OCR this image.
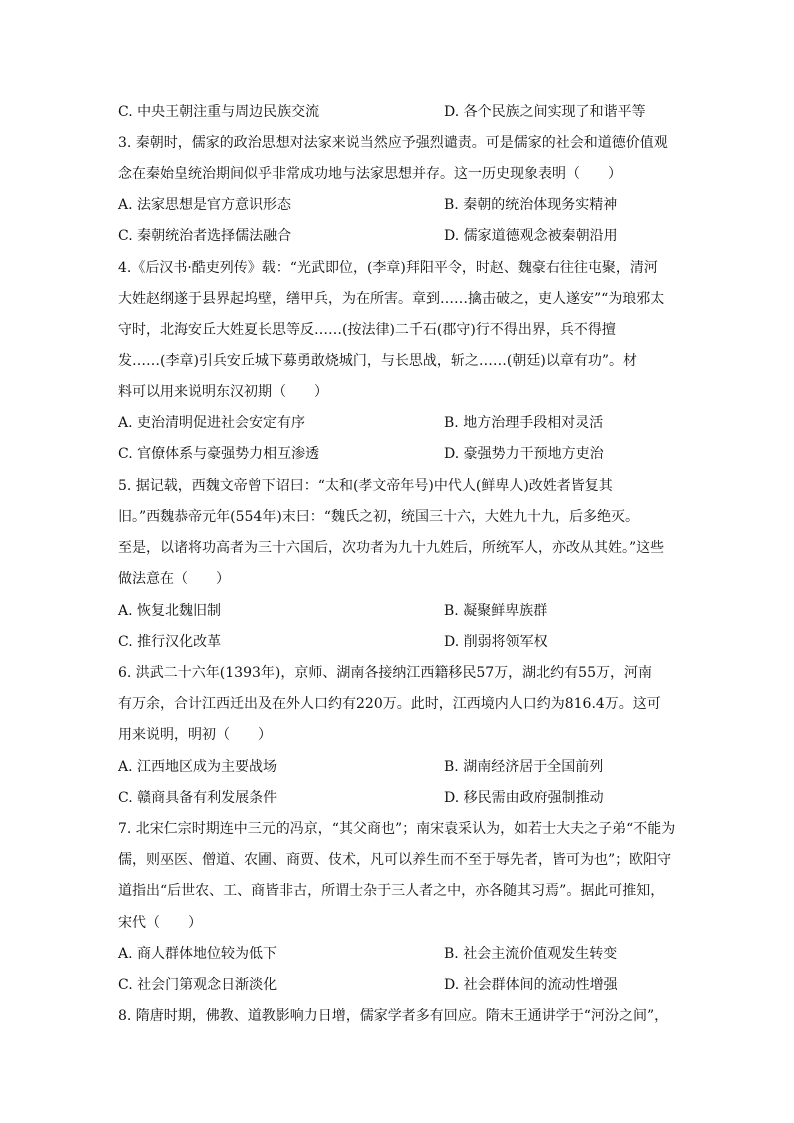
C. 中央王朝注重与周边民族交流	D. 各个民族之间实现了和谐平等
3. 秦朝时，儒家的政治思想对法家来说当然应予强烈谴责。可是儒家的社会和道德价值观
念在秦始皇统治期间似乎非常成功地与法家思想并存。这一历史现象表明（　　）
A. 法家思想是官方意识形态	B. 秦朝的统治体现务实精神
C. 秦朝统治者选择儒法融合	D. 儒家道德观念被秦朝沿用
4.《后汉书·酷吏列传》载：“光武即位，(李章)拜阳平令，时赵、魏豪右往往屯聚，清河
大姓赵纲遂于县界起坞壁，缮甲兵，为在所害。章到……擒击破之，吏人遂安”“为琅邪太
守时，北海安丘大姓夏长思等反……(按法律)二千石(郡守)行不得出界，兵不得擅
发……(李章)引兵安丘城下募勇敢烧城门，与长思战，斩之……(朝廷)以章有功”。材
料可以用来说明东汉初期（　　）
A. 吏治清明促进社会安定有序	B. 地方治理手段相对灵活
C. 官僚体系与豪强势力相互渗透	D. 豪强势力干预地方吏治
5. 据记载，西魏文帝曾下诏曰：“太和(孝文帝年号)中代人(鲜卑人)改姓者皆复其
旧。”西魏恭帝元年(554年)末曰：“魏氏之初，统国三十六，大姓九十九，后多绝灭。
至是，以诸将功高者为三十六国后，次功者为九十九姓后，所统军人，亦改从其姓。”这些
做法意在（　　）
A. 恢复北魏旧制	B. 凝聚鲜卑族群
C. 推行汉化改革	D. 削弱将领军权
6. 洪武二十六年(1393年)，京师、湖南各接纳江西籍移民57万，湖北约有55万，河南
有万余，合计江西迁出及在外人口约有220万。此时，江西境内人口约为816.4万。这可
用来说明，明初（　　）
A. 江西地区成为主要战场	B. 湖南经济居于全国前列
C. 赣商具备有利发展条件	D. 移民需由政府强制推动
7. 北宋仁宗时期连中三元的冯京，“其父商也”；南宋袁采认为，如若士大夫之子弟“不能为
儒，则巫医、僧道、农圃、商贾、伎术，凡可以养生而不至于辱先者，皆可为也”；欧阳守
道指出“后世农、工、商皆非古，所谓士杂于三人者之中，亦各随其习焉”。据此可推知，
宋代（　　）
A. 商人群体地位较为低下	B. 社会主流价值观发生转变
C. 社会门第观念日渐淡化	D. 社会群体间的流动性增强
8. 隋唐时期，佛教、道教影响力日增，儒家学者多有回应。隋末王通讲学于“河汾之间”，
